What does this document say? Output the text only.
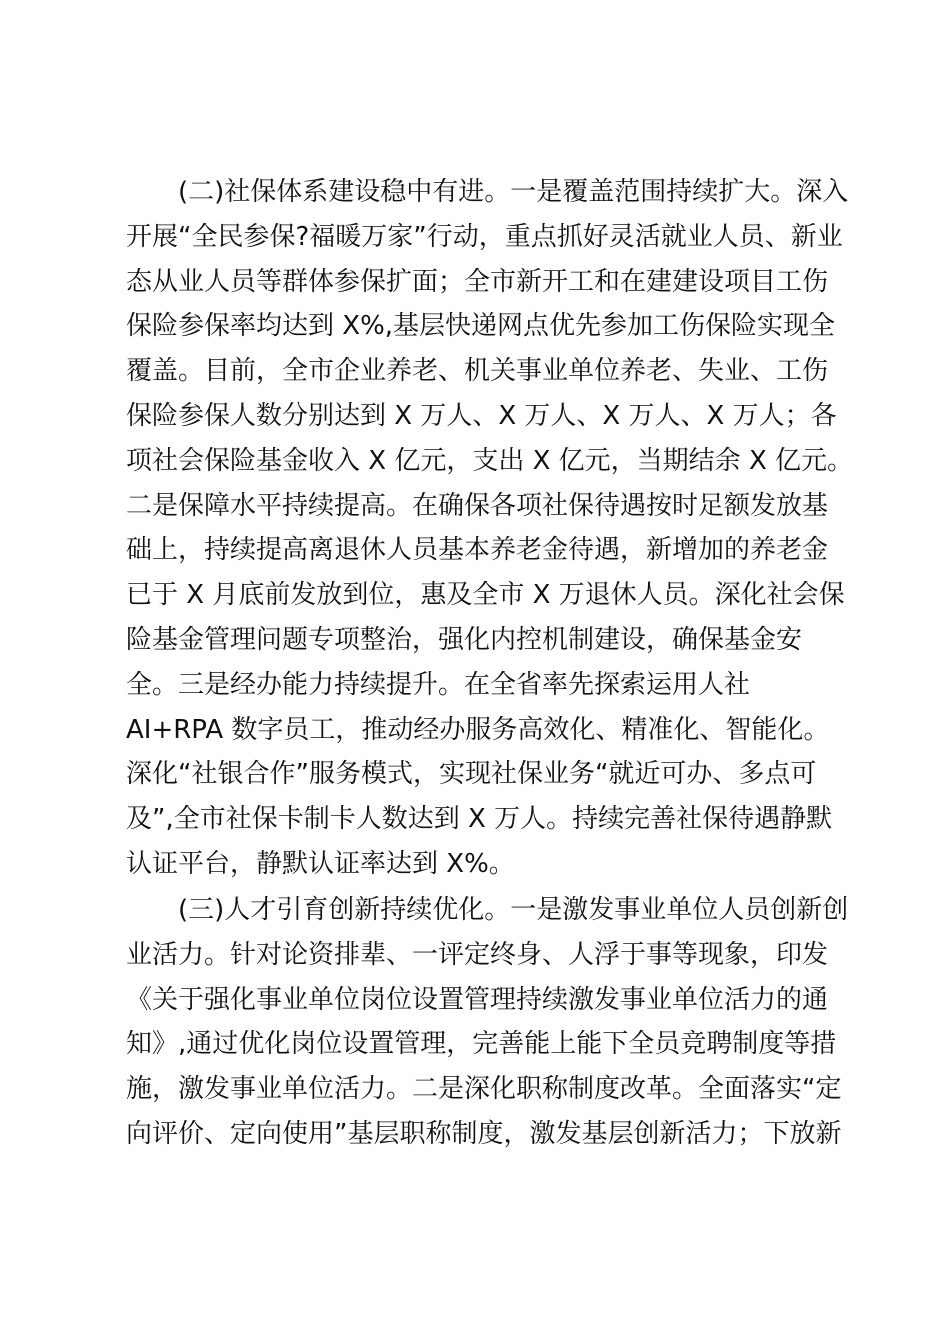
　　(二)社保体系建设稳中有进。一是覆盖范围持续扩大。深入
开展“全民参保?福暖万家”行动，重点抓好灵活就业人员、新业
态从业人员等群体参保扩面；全市新开工和在建建设项目工伤
保险参保率均达到 X%,基层快递网点优先参加工伤保险实现全
覆盖。目前，全市企业养老、机关事业单位养老、失业、工伤
保险参保人数分别达到 X 万人、X 万人、X 万人、X 万人；各
项社会保险基金收入 X 亿元，支出 X 亿元，当期结余 X 亿元。
二是保障水平持续提高。在确保各项社保待遇按时足额发放基
础上，持续提高离退休人员基本养老金待遇，新增加的养老金
已于 X 月底前发放到位，惠及全市 X 万退休人员。深化社会保
险基金管理问题专项整治，强化内控机制建设，确保基金安
全。三是经办能力持续提升。在全省率先探索运用人社
AI+RPA 数字员工，推动经办服务高效化、精准化、智能化。
深化“社银合作”服务模式，实现社保业务“就近可办、多点可
及”,全市社保卡制卡人数达到 X 万人。持续完善社保待遇静默
认证平台，静默认证率达到 X%。
　　(三)人才引育创新持续优化。一是激发事业单位人员创新创
业活力。针对论资排辈、一评定终身、人浮于事等现象，印发
《关于强化事业单位岗位设置管理持续激发事业单位活力的通
知》,通过优化岗位设置管理，完善能上能下全员竞聘制度等措
施，激发事业单位活力。二是深化职称制度改革。全面落实“定
向评价、定向使用”基层职称制度，激发基层创新活力；下放新
